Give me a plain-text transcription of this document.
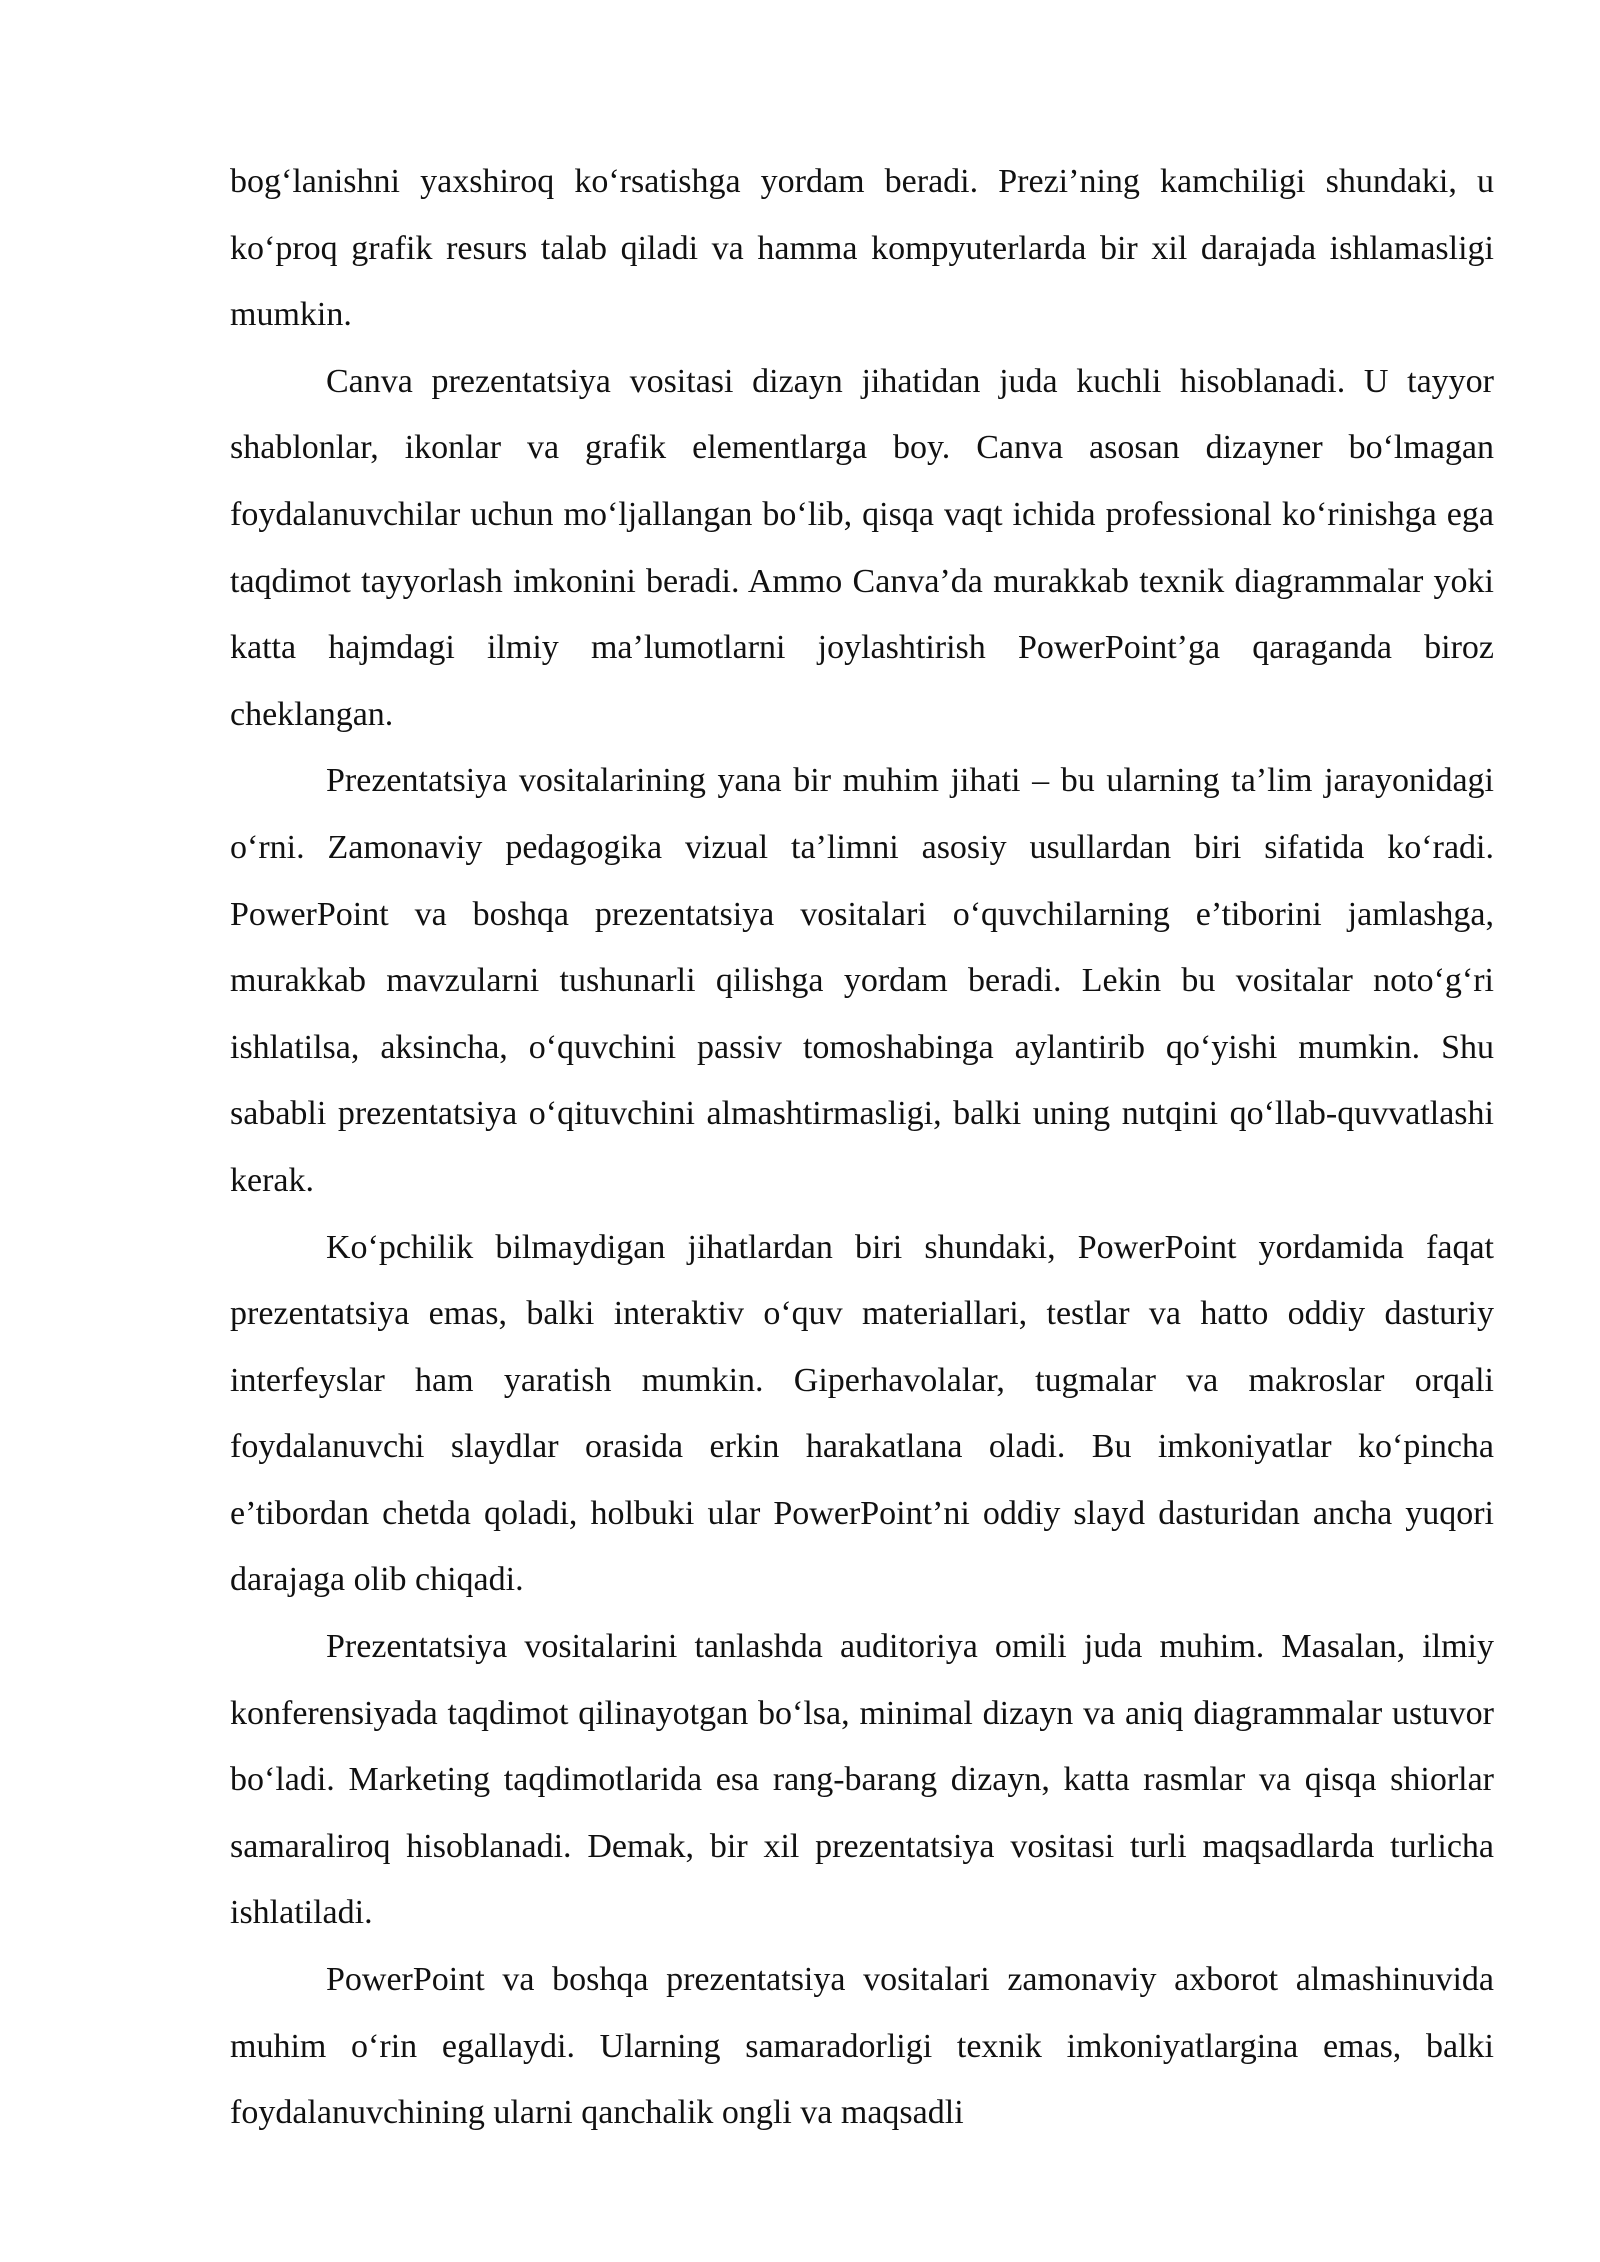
bog‘lanishni yaxshiroq ko‘rsatishga yordam beradi. Prezi’ning kamchiligi shundaki, u ko‘proq grafik resurs talab qiladi va hamma kompyuterlarda bir xil darajada ishlamasligi mumkin.

Canva prezentatsiya vositasi dizayn jihatidan juda kuchli hisoblanadi. U tayyor shablonlar, ikonlar va grafik elementlarga boy. Canva asosan dizayner bo‘lmagan foydalanuvchilar uchun mo‘ljallangan bo‘lib, qisqa vaqt ichida professional ko‘rinishga ega taqdimot tayyorlash imkonini beradi. Ammo Canva’da murakkab texnik diagrammalar yoki katta hajmdagi ilmiy ma’lumotlarni joylashtirish PowerPoint’ga qaraganda biroz cheklangan.

Prezentatsiya vositalarining yana bir muhim jihati – bu ularning ta’lim jarayonidagi o‘rni. Zamonaviy pedagogika vizual ta’limni asosiy usullardan biri sifatida ko‘radi. PowerPoint va boshqa prezentatsiya vositalari o‘quvchilarning e’tiborini jamlashga, murakkab mavzularni tushunarli qilishga yordam beradi. Lekin bu vositalar noto‘g‘ri ishlatilsa, aksincha, o‘quvchini passiv tomoshabinga aylantirib qo‘yishi mumkin. Shu sababli prezentatsiya o‘qituvchini almashtirmasligi, balki uning nutqini qo‘llab-quvvatlashi kerak.

Ko‘pchilik bilmaydigan jihatlardan biri shundaki, PowerPoint yordamida faqat prezentatsiya emas, balki interaktiv o‘quv materiallari, testlar va hatto oddiy dasturiy interfeyslar ham yaratish mumkin. Giperhavolalar, tugmalar va makroslar orqali foydalanuvchi slaydlar orasida erkin harakatlana oladi. Bu imkoniyatlar ko‘pincha e’tibordan chetda qoladi, holbuki ular PowerPoint’ni oddiy slayd dasturidan ancha yuqori darajaga olib chiqadi.

Prezentatsiya vositalarini tanlashda auditoriya omili juda muhim. Masalan, ilmiy konferensiyada taqdimot qilinayotgan bo‘lsa, minimal dizayn va aniq diagrammalar ustuvor bo‘ladi. Marketing taqdimotlarida esa rang-barang dizayn, katta rasmlar va qisqa shiorlar samaraliroq hisoblanadi. Demak, bir xil prezentatsiya vositasi turli maqsadlarda turlicha ishlatiladi.

PowerPoint va boshqa prezentatsiya vositalari zamonaviy axborot almashinuvida muhim o‘rin egallaydi. Ularning samaradorligi texnik imkoniyatlargina emas, balki foydalanuvchining ularni qanchalik ongli va maqsadli
